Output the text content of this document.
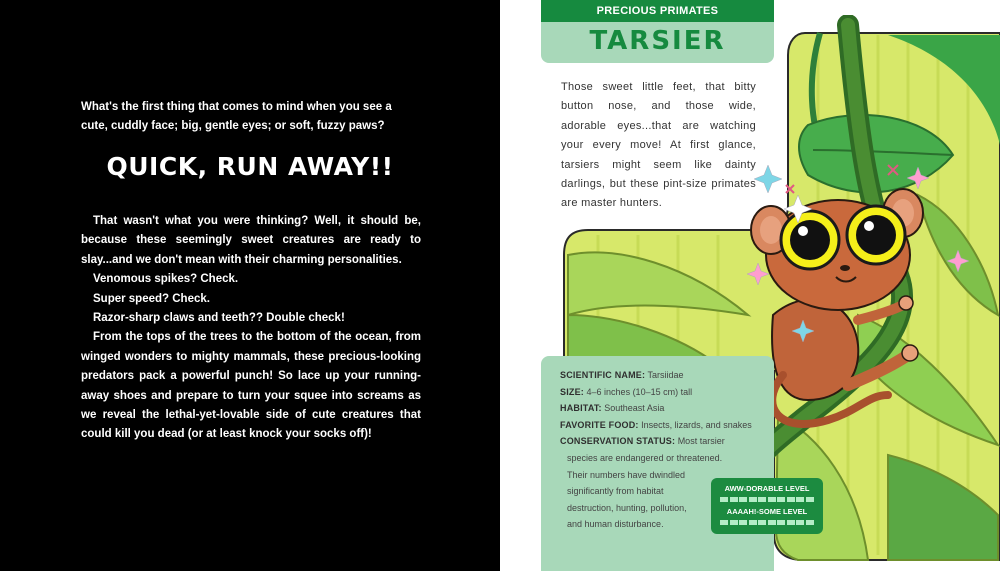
What's the first thing that comes to mind when you see a cute, cuddly face; big, gentle eyes; or soft, fuzzy paws?
QUICK, RUN AWAY!!

That wasn't what you were thinking? Well, it should be, because these seemingly sweet creatures are ready to slay...and we don't mean with their charming personalities.

Venomous spikes? Check.

Super speed? Check.

Razor-sharp claws and teeth?? Double check!

From the tops of the trees to the bottom of the ocean, from winged wonders to mighty mammals, these precious-looking predators pack a powerful punch! So lace up your running-away shoes and prepare to turn your squee into screams as we reveal the lethal-yet-lovable side of cute creatures that could kill you dead (or at least knock your socks off)!

PRECIOUS PRIMATES
TARSIER
Those sweet little feet, that bitty button nose, and those wide, adorable eyes...that are watching your every move! At first glance, tarsiers might seem like dainty darlings, but these pint-size primates are master hunters.
SCIENTIFIC NAME: Tarsiidae
SIZE: 4–6 inches (10–15 cm) tall
HABITAT: Southeast Asia
FAVORITE FOOD: Insects, lizards, and snakes
CONSERVATION STATUS: Most tarsier
species are endangered or threatened.
Their numbers have dwindled
significantly from habitat
destruction, hunting, pollution,
and human disturbance.
AWW-DORABLE LEVEL
AAAAH!-SOME LEVEL
